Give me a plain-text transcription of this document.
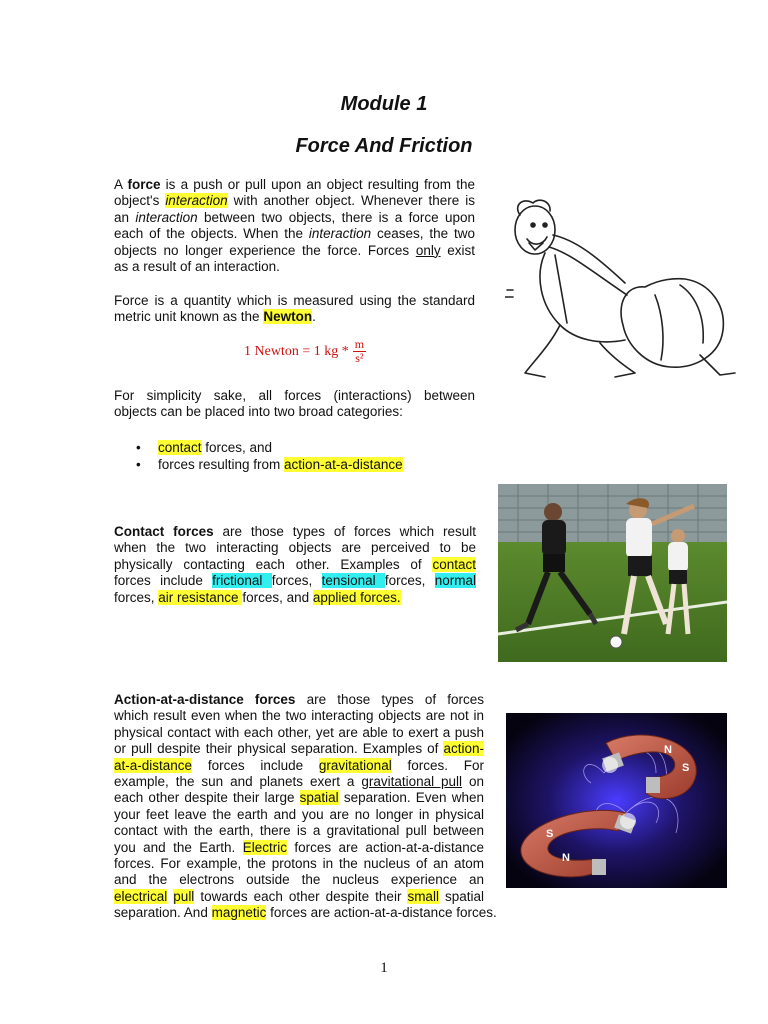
Module 1
Force And Friction
A force is a push or pull upon an object resulting from the
object's interaction with another object. Whenever there is
an interaction between two objects, there is a force upon
each of the objects. When the interaction ceases, the two
objects no longer experience the force. Forces only exist
as a result of an interaction.
Force is a quantity which is measured using the standard
metric unit known as the Newton.
1 Newton = 1 kg * $\frac{m}{\text{s²}}$
For simplicity sake, all forces (interactions) between
objects can be placed into two broad categories:
• contact forces, and
• forces resulting from action-at-a-distance
Contact forces are those types of forces which result
when the two interacting objects are perceived to be
physically contacting each other. Examples of contact
forces include frictional forces, tensional forces, normal
forces, air resistance forces, and applied forces.
Action-at-a-distance forces are those types of forces
which result even when the two interacting objects are not in
physical contact with each other, yet are able to exert a push
or pull despite their physical separation. Examples of action-
at-a-distance forces include gravitational forces. For
example, the sun and planets exert a gravitational pull on
each other despite their large spatial separation. Even when
your feet leave the earth and you are no longer in physical
contact with the earth, there is a gravitational pull between
you and the Earth. Electric forces are action-at-a-distance
forces. For example, the protons in the nucleus of an atom
and the electrons outside the nucleus experience an
electrical pull towards each other despite their small spatial
separation. And magnetic forces are action-at-a-distance forces.
N
S
S
N
1
